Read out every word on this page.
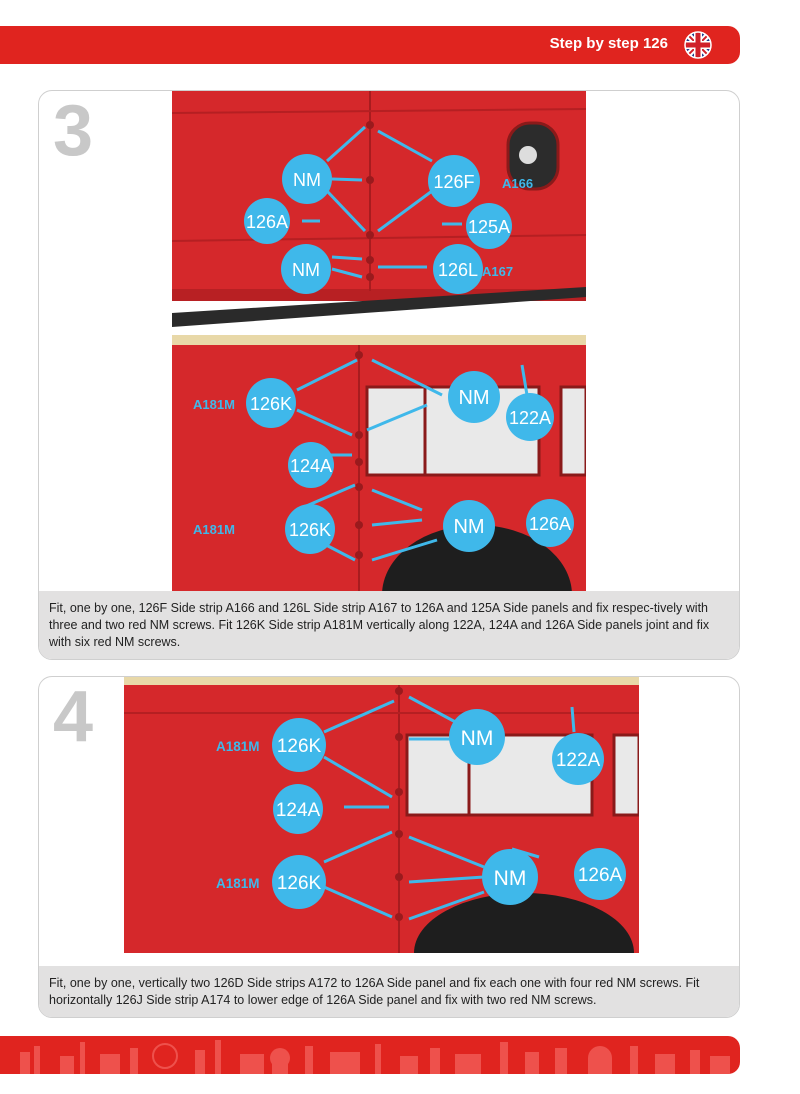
Step by step 126
3
NM	126F
126A	125A
NM	126L
A166
A167
NM
126K
122A
124A
126K	NM 126A
A181M
A181M
Fit, one by one, 126F Side strip A166 and 126L Side strip A167 to 126A and 125A Side panels and fix respec-tively with three and two red NM screws. Fit 126K Side strip A181M vertically along 122A, 124A and 126A Side panels joint and fix with six red NM screws.
4	126K	NM
122A
124A
126K	NM	126A
A181M
A181M
Fit, one by one, vertically two 126D Side strips A172 to 126A Side panel and fix each one with four red NM screws. Fit horizontally 126J Side strip A174 to lower edge of 126A Side panel and fix with two red NM screws.
